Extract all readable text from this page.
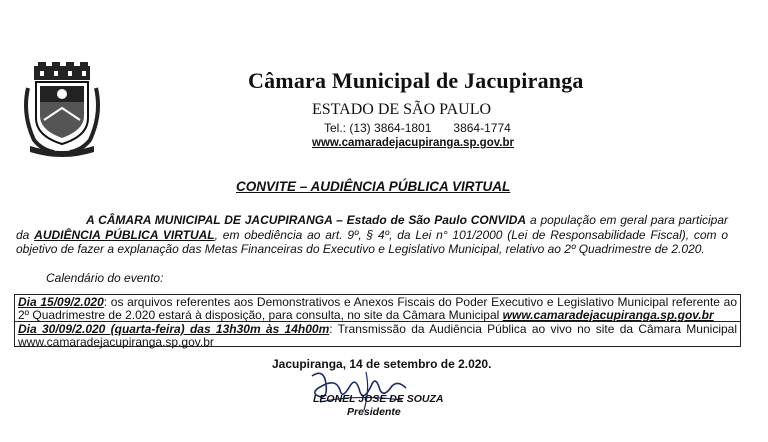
Câmara Municipal de Jacupiranga
ESTADO DE SÃO PAULO
Tel.: (13) 3864-1801 3864-1774
www.camaradejacupiranga.sp.gov.br
CONVITE – AUDIÊNCIA PÚBLICA VIRTUAL
A CÂMARA MUNICIPAL DE JACUPIRANGA – Estado de São Paulo CONVIDA a população em geral para participar da AUDIÊNCIA PÚBLICA VIRTUAL, em obediência ao art. 9º, § 4º, da Lei n° 101/2000 (Lei de Responsabilidade Fiscal), com o objetivo de fazer a explanação das Metas Financeiras do Executivo e Legislativo Municipal, relativo ao 2º Quadrimestre de 2.020.
Calendário do evento:
Dia 15/09/2.020: os arquivos referentes aos Demonstrativos e Anexos Fiscais do Poder Executivo e Legislativo Municipal referente ao 2º Quadrimestre de 2.020 estará à disposição, para consulta, no site da Câmara Municipal www.camaradejacupiranga.sp.gov.br
Dia 30/09/2.020 (quarta-feira) das 13h30m às 14h00m: Transmissão da Audiência Pública ao vivo no site da Câmara Municipal www.camaradejacupiranga.sp.gov.br
Jacupiranga, 14 de setembro de 2.020.
LEONEL JOSÉ DE SOUZA
Presidente
